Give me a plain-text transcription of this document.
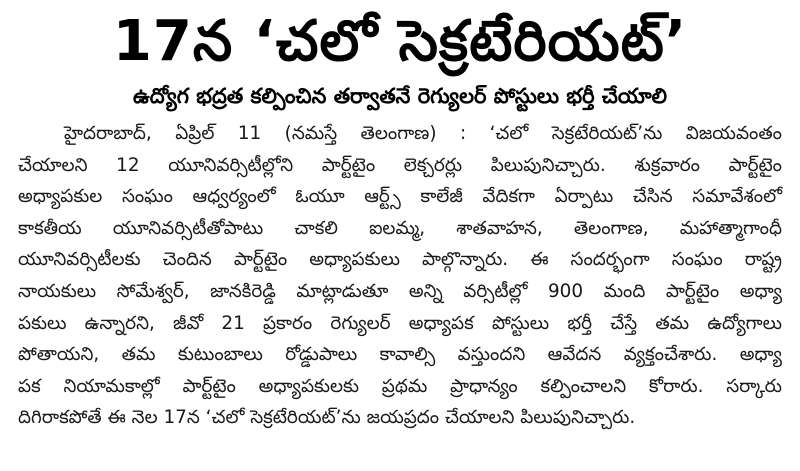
17న ‘చలో సెక్రటేరియట్’
ఉద్యోగ భద్రత కల్పించిన తర్వాతనే రెగ్యులర్ పోస్టులు భర్తీ చేయాలి

హైదరాబాద్, ఏప్రిల్ 11 (నమస్తే తెలంగాణ) : ‘చలో సెక్రటేరియట్’ను విజయవంతం
చేయాలని 12 యూనివర్సిటీల్లోని పార్ట్‌టైం లెక్చరర్లు పిలుపునిచ్చారు. శుక్రవారం పార్ట్‌టైం
అధ్యాపకుల సంఘం ఆధ్వర్యంలో ఓయూ ఆర్ట్స్ కాలేజీ వేదికగా ఏర్పాటు చేసిన సమావేశంలో
కాకతీయ యూనివర్సిటీతోపాటు చాకలి ఐలమ్మ, శాతవాహన, తెలంగాణ, మహాత్మాగాంధీ
యూనివర్సిటీలకు చెందిన పార్ట్‌టైం అధ్యాపకులు పాల్గొన్నారు. ఈ సందర్భంగా సంఘం రాష్ట్ర
నాయకులు సోమేశ్వర్, జానకిరెడ్డి మాట్లాడుతూ అన్ని వర్సిటీల్లో 900 మంది పార్ట్‌టైం అధ్యా
పకులు ఉన్నారని, జీవో 21 ప్రకారం రెగ్యులర్ అధ్యాపక పోస్టులు భర్తీ చేస్తే తమ ఉద్యోగాలు
పోతాయని, తమ కుటుంబాలు రోడ్డుపాలు కావాల్సి వస్తుందని ఆవేదన వ్యక్తంచేశారు. అధ్యా
పక నియామకాల్లో పార్ట్‌టైం అధ్యాపకులకు ప్రథమ ప్రాధాన్యం కల్పించాలని కోరారు. సర్కారు
దిగిరాకపోతే ఈ నెల 17న ‘చలో సెక్రటేరియట్’ను జయప్రదం చేయాలని పిలుపునిచ్చారు.
